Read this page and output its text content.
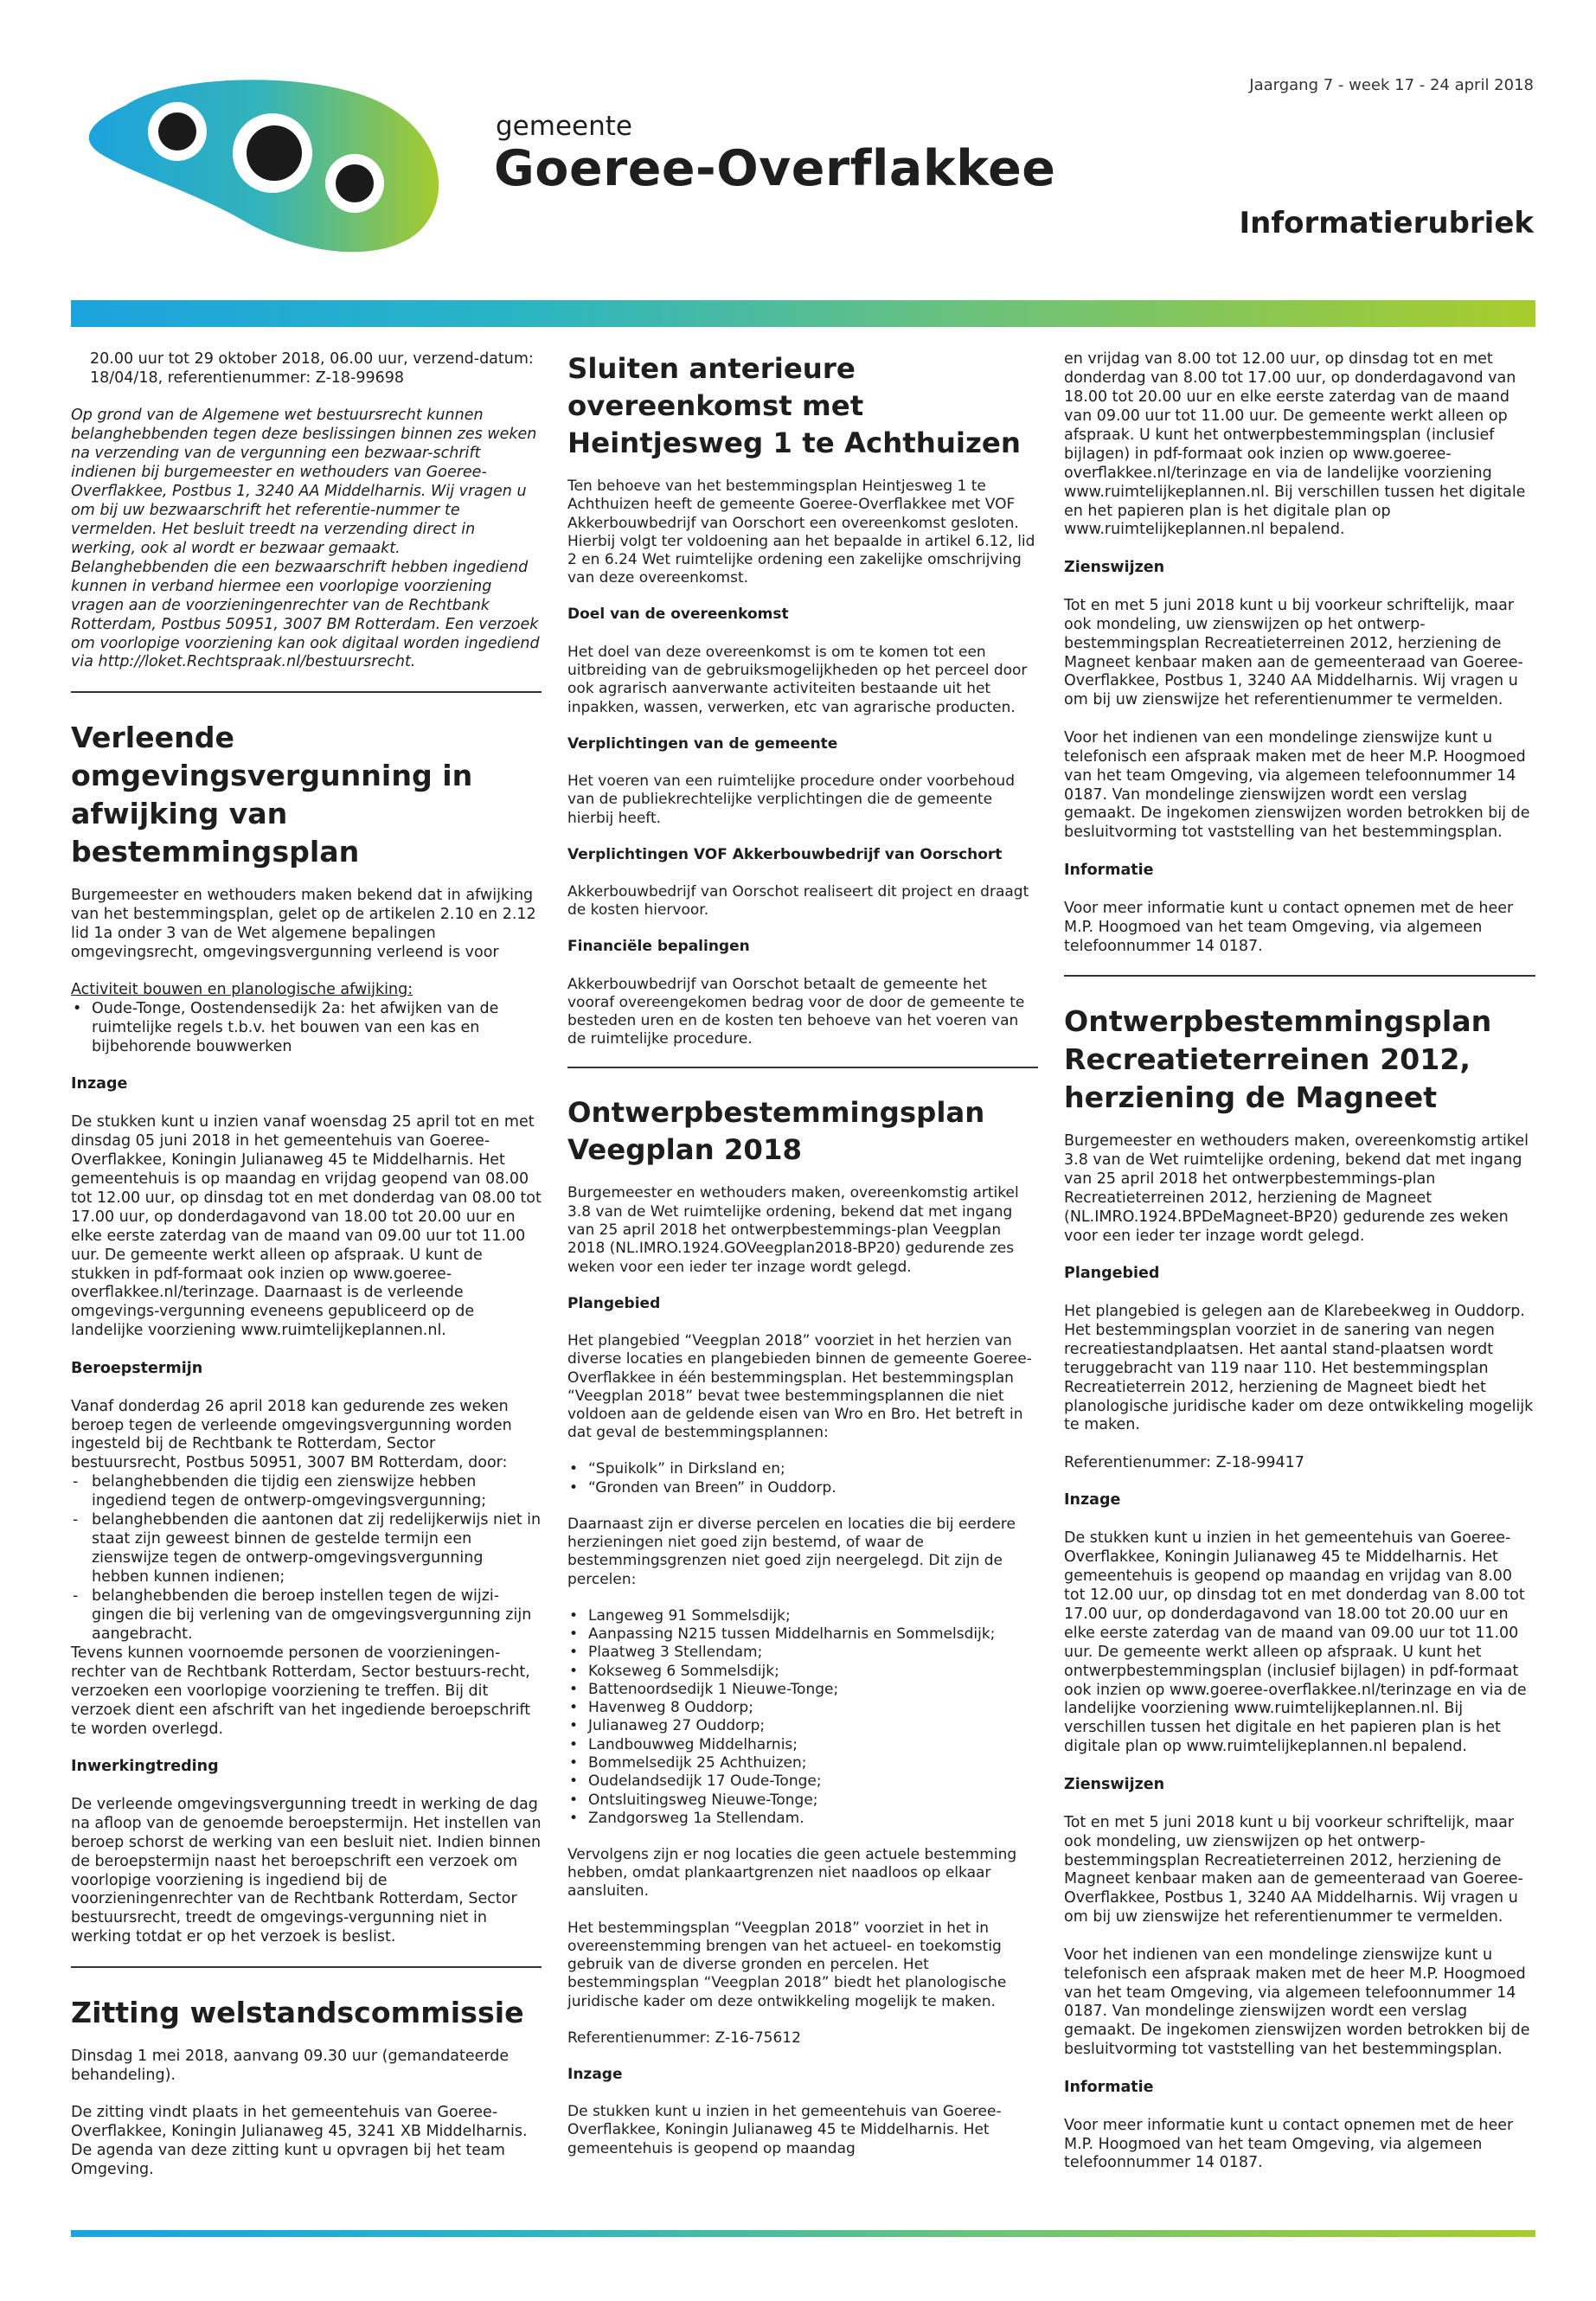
gemeente
Goeree-Overflakkee
Jaargang 7 - week 17 - 24 april 2018
Informatierubriek

20.00 uur tot 29 oktober 2018, 06.00 uur, verzend-datum: 18/04/18, referentienummer: Z-18-99698

Op grond van de Algemene wet bestuursrecht kunnen belanghebbenden tegen deze beslissingen binnen zes weken na verzending van de vergunning een bezwaar-schrift indienen bij burgemeester en wethouders van Goeree-Overflakkee, Postbus 1, 3240 AA Middelharnis. Wij vragen u om bij uw bezwaarschrift het referentie-nummer te vermelden. Het besluit treedt na verzending direct in werking, ook al wordt er bezwaar gemaakt. Belanghebbenden die een bezwaarschrift hebben ingediend kunnen in verband hiermee een voorlopige voorziening vragen aan de voorzieningenrechter van de Rechtbank Rotterdam, Postbus 50951, 3007 BM Rotterdam. Een verzoek om voorlopige voorziening kan ook digitaal worden ingediend via http://loket.Rechtspraak.nl/bestuursrecht.

Verleende omgevingsvergunning in afwijking van bestemmingsplan

Burgemeester en wethouders maken bekend dat in afwijking van het bestemmingsplan, gelet op de artikelen 2.10 en 2.12 lid 1a onder 3 van de Wet algemene bepalingen omgevingsrecht, omgevingsvergunning verleend is voor

Activiteit bouwen en planologische afwijking:

• Oude-Tonge, Oostendensedijk 2a: het afwijken van de ruimtelijke regels t.b.v. het bouwen van een kas en bijbehorende bouwwerken

Inzage

De stukken kunt u inzien vanaf woensdag 25 april tot en met dinsdag 05 juni 2018 in het gemeentehuis van Goeree-Overflakkee, Koningin Julianaweg 45 te Middelharnis. Het gemeentehuis is op maandag en vrijdag geopend van 08.00 tot 12.00 uur, op dinsdag tot en met donderdag van 08.00 tot 17.00 uur, op donderdagavond van 18.00 tot 20.00 uur en elke eerste zaterdag van de maand van 09.00 uur tot 11.00 uur. De gemeente werkt alleen op afspraak. U kunt de stukken in pdf-formaat ook inzien op www.goeree-overflakkee.nl/terinzage. Daarnaast is de verleende omgevings-vergunning eveneens gepubliceerd op de landelijke voorziening www.ruimtelijkeplannen.nl.

Beroepstermijn

Vanaf donderdag 26 april 2018 kan gedurende zes weken beroep tegen de verleende omgevingsvergunning worden ingesteld bij de Rechtbank te Rotterdam, Sector bestuursrecht, Postbus 50951, 3007 BM Rotterdam, door:

- belanghebbenden die tijdig een zienswijze hebben ingediend tegen de ontwerp-omgevingsvergunning;
- belanghebbenden die aantonen dat zij redelijkerwijs niet in staat zijn geweest binnen de gestelde termijn een zienswijze tegen de ontwerp-omgevingsvergunning hebben kunnen indienen;
- belanghebbenden die beroep instellen tegen de wijzi-gingen die bij verlening van de omgevingsvergunning zijn aangebracht.

Tevens kunnen voornoemde personen de voorzieningen-rechter van de Rechtbank Rotterdam, Sector bestuurs-recht, verzoeken een voorlopige voorziening te treffen. Bij dit verzoek dient een afschrift van het ingediende beroepschrift te worden overlegd.

Inwerkingtreding

De verleende omgevingsvergunning treedt in werking de dag na afloop van de genoemde beroepstermijn. Het instellen van beroep schorst de werking van een besluit niet. Indien binnen de beroepstermijn naast het beroepschrift een verzoek om voorlopige voorziening is ingediend bij de voorzieningenrechter van de Rechtbank Rotterdam, Sector bestuursrecht, treedt de omgevings-vergunning niet in werking totdat er op het verzoek is beslist.

Zitting welstandscommissie

Dinsdag 1 mei 2018, aanvang 09.30 uur (gemandateerde behandeling).

De zitting vindt plaats in het gemeentehuis van Goeree-Overflakkee, Koningin Julianaweg 45, 3241 XB Middelharnis. De agenda van deze zitting kunt u opvragen bij het team Omgeving.

Sluiten anterieure overeenkomst met Heintjesweg 1 te Achthuizen

Ten behoeve van het bestemmingsplan Heintjesweg 1 te Achthuizen heeft de gemeente Goeree-Overflakkee met VOF Akkerbouwbedrijf van Oorschort een overeenkomst gesloten. Hierbij volgt ter voldoening aan het bepaalde in artikel 6.12, lid 2 en 6.24 Wet ruimtelijke ordening een zakelijke omschrijving van deze overeenkomst.

Doel van de overeenkomst

Het doel van deze overeenkomst is om te komen tot een uitbreiding van de gebruiksmogelijkheden op het perceel door ook agrarisch aanverwante activiteiten bestaande uit het inpakken, wassen, verwerken, etc van agrarische producten.

Verplichtingen van de gemeente

Het voeren van een ruimtelijke procedure onder voorbehoud van de publiekrechtelijke verplichtingen die de gemeente hierbij heeft.

Verplichtingen VOF Akkerbouwbedrijf van Oorschort

Akkerbouwbedrijf van Oorschot realiseert dit project en draagt de kosten hiervoor.

Financiële bepalingen

Akkerbouwbedrijf van Oorschot betaalt de gemeente het vooraf overeengekomen bedrag voor de door de gemeente te besteden uren en de kosten ten behoeve van het voeren van de ruimtelijke procedure.

Ontwerpbestemmingsplan Veegplan 2018

Burgemeester en wethouders maken, overeenkomstig artikel 3.8 van de Wet ruimtelijke ordening, bekend dat met ingang van 25 april 2018 het ontwerpbestemmings-plan Veegplan 2018 (NL.IMRO.1924.GOVeegplan2018-BP20) gedurende zes weken voor een ieder ter inzage wordt gelegd.

Plangebied

Het plangebied “Veegplan 2018” voorziet in het herzien van diverse locaties en plangebieden binnen de gemeente Goeree-Overflakkee in één bestemmingsplan. Het bestemmingsplan “Veegplan 2018” bevat twee bestemmingsplannen die niet voldoen aan de geldende eisen van Wro en Bro. Het betreft in dat geval de bestemmingsplannen:

• “Spuikolk” in Dirksland en;
• “Gronden van Breen” in Ouddorp.

Daarnaast zijn er diverse percelen en locaties die bij eerdere herzieningen niet goed zijn bestemd, of waar de bestemmingsgrenzen niet goed zijn neergelegd. Dit zijn de percelen:

• Langeweg 91 Sommelsdijk;
• Aanpassing N215 tussen Middelharnis en Sommelsdijk;
• Plaatweg 3 Stellendam;
• Kokseweg 6 Sommelsdijk;
• Battenoordsedijk 1 Nieuwe-Tonge;
• Havenweg 8 Ouddorp;
• Julianaweg 27 Ouddorp;
• Landbouwweg Middelharnis;
• Bommelsedijk 25 Achthuizen;
• Oudelandsedijk 17 Oude-Tonge;
• Ontsluitingsweg Nieuwe-Tonge;
• Zandgorsweg 1a Stellendam.

Vervolgens zijn er nog locaties die geen actuele bestemming hebben, omdat plankaartgrenzen niet naadloos op elkaar aansluiten.

Het bestemmingsplan “Veegplan 2018” voorziet in het in overeenstemming brengen van het actueel- en toekomstig gebruik van de diverse gronden en percelen. Het bestemmingsplan “Veegplan 2018” biedt het planologische juridische kader om deze ontwikkeling mogelijk te maken.

Referentienummer: Z-16-75612

Inzage

De stukken kunt u inzien in het gemeentehuis van Goeree-Overflakkee, Koningin Julianaweg 45 te Middelharnis. Het gemeentehuis is geopend op maandag

en vrijdag van 8.00 tot 12.00 uur, op dinsdag tot en met donderdag van 8.00 tot 17.00 uur, op donderdagavond van 18.00 tot 20.00 uur en elke eerste zaterdag van de maand van 09.00 uur tot 11.00 uur. De gemeente werkt alleen op afspraak. U kunt het ontwerpbestemmingsplan (inclusief bijlagen) in pdf-formaat ook inzien op www.goeree-overflakkee.nl/terinzage en via de landelijke voorziening www.ruimtelijkeplannen.nl. Bij verschillen tussen het digitale en het papieren plan is het digitale plan op www.ruimtelijkeplannen.nl bepalend.

Zienswijzen

Tot en met 5 juni 2018 kunt u bij voorkeur schriftelijk, maar ook mondeling, uw zienswijzen op het ontwerp-bestemmingsplan Recreatieterreinen 2012, herziening de Magneet kenbaar maken aan de gemeenteraad van Goeree-Overflakkee, Postbus 1, 3240 AA Middelharnis. Wij vragen u om bij uw zienswijze het referentienummer te vermelden.

Voor het indienen van een mondelinge zienswijze kunt u telefonisch een afspraak maken met de heer M.P. Hoogmoed van het team Omgeving, via algemeen telefoonnummer 14 0187. Van mondelinge zienswijzen wordt een verslag gemaakt. De ingekomen zienswijzen worden betrokken bij de besluitvorming tot vaststelling van het bestemmingsplan.

Informatie

Voor meer informatie kunt u contact opnemen met de heer M.P. Hoogmoed van het team Omgeving, via algemeen telefoonnummer 14 0187.

Ontwerpbestemmingsplan Recreatieterreinen 2012, herziening de Magneet

Burgemeester en wethouders maken, overeenkomstig artikel 3.8 van de Wet ruimtelijke ordening, bekend dat met ingang van 25 april 2018 het ontwerpbestemmings-plan Recreatieterreinen 2012, herziening de Magneet (NL.IMRO.1924.BPDeMagneet-BP20) gedurende zes weken voor een ieder ter inzage wordt gelegd.

Plangebied

Het plangebied is gelegen aan de Klarebeekweg in Ouddorp. Het bestemmingsplan voorziet in de sanering van negen recreatiestandplaatsen. Het aantal stand-plaatsen wordt teruggebracht van 119 naar 110. Het bestemmingsplan Recreatieterrein 2012, herziening de Magneet biedt het planologische juridische kader om deze ontwikkeling mogelijk te maken.

Referentienummer: Z-18-99417

Inzage

De stukken kunt u inzien in het gemeentehuis van Goeree-Overflakkee, Koningin Julianaweg 45 te Middelharnis. Het gemeentehuis is geopend op maandag en vrijdag van 8.00 tot 12.00 uur, op dinsdag tot en met donderdag van 8.00 tot 17.00 uur, op donderdagavond van 18.00 tot 20.00 uur en elke eerste zaterdag van de maand van 09.00 uur tot 11.00 uur. De gemeente werkt alleen op afspraak. U kunt het ontwerpbestemmingsplan (inclusief bijlagen) in pdf-formaat ook inzien op www.goeree-overflakkee.nl/terinzage en via de landelijke voorziening www.ruimtelijkeplannen.nl. Bij verschillen tussen het digitale en het papieren plan is het digitale plan op www.ruimtelijkeplannen.nl bepalend.

Zienswijzen

Tot en met 5 juni 2018 kunt u bij voorkeur schriftelijk, maar ook mondeling, uw zienswijzen op het ontwerp-bestemmingsplan Recreatieterreinen 2012, herziening de Magneet kenbaar maken aan de gemeenteraad van Goeree-Overflakkee, Postbus 1, 3240 AA Middelharnis. Wij vragen u om bij uw zienswijze het referentienummer te vermelden.

Voor het indienen van een mondelinge zienswijze kunt u telefonisch een afspraak maken met de heer M.P. Hoogmoed van het team Omgeving, via algemeen telefoonnummer 14 0187. Van mondelinge zienswijzen wordt een verslag gemaakt. De ingekomen zienswijzen worden betrokken bij de besluitvorming tot vaststelling van het bestemmingsplan.

Informatie

Voor meer informatie kunt u contact opnemen met de heer M.P. Hoogmoed van het team Omgeving, via algemeen telefoonnummer 14 0187.
